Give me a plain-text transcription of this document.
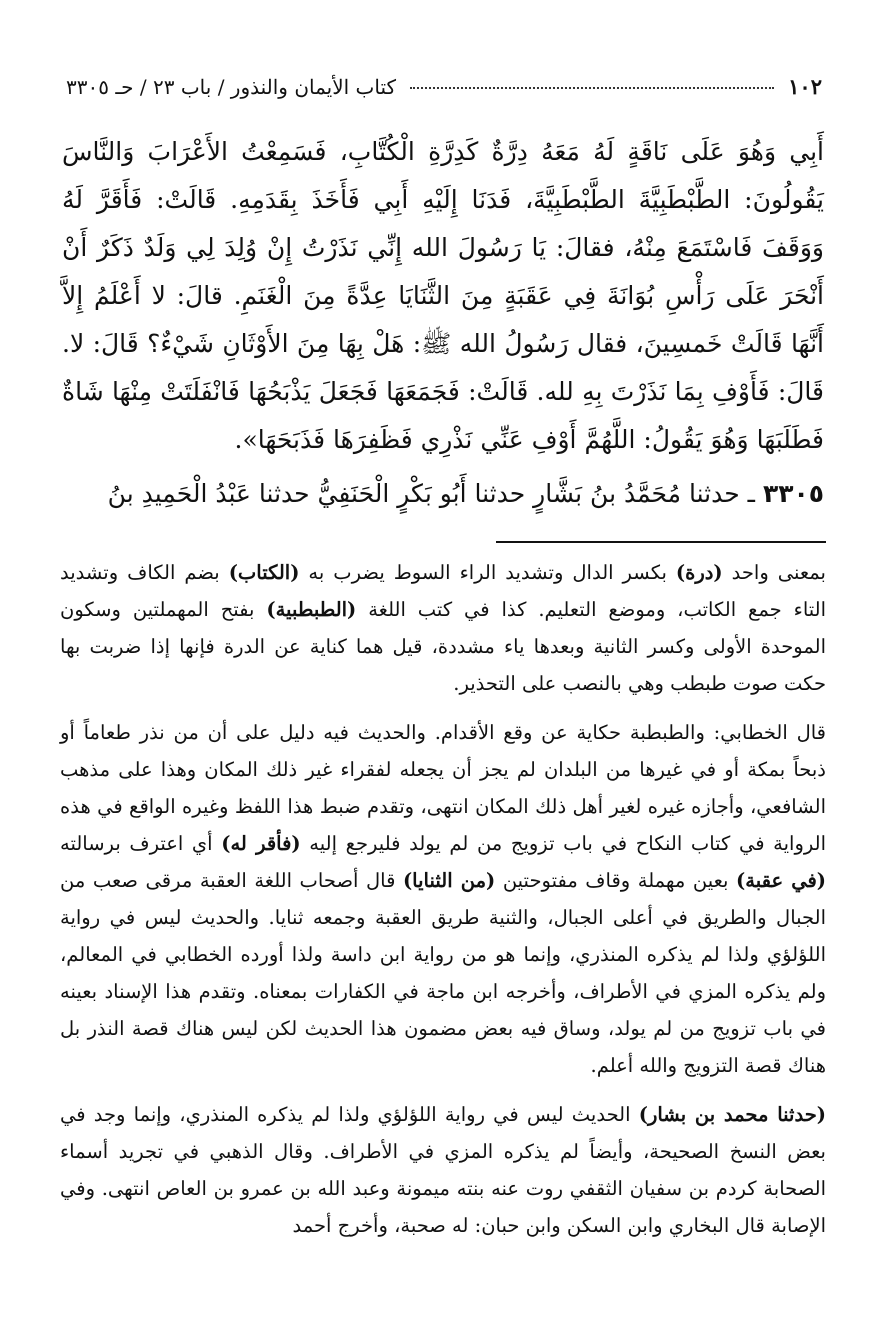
١٠٢
كتاب الأيمان والنذور / باب ٢٣ / حـ ٣٣٠٥

أَبِي وَهُوَ عَلَى نَاقَةٍ لَهُ مَعَهُ دِرَّةٌ كَدِرَّةِ الْكُتَّابِ، فَسَمِعْتُ الأَعْرَابَ وَالنَّاسَ يَقُولُونَ: الطَّبْطَبِيَّةَ الطَّبْطَبِيَّةَ، فَدَنَا إِلَيْهِ أَبِي فَأَخَذَ بِقَدَمِهِ. قَالَتْ: فَأَقَرَّ لَهُ وَوَقَفَ فَاسْتَمَعَ مِنْهُ، فقالَ: يَا رَسُولَ الله إِنِّي نَذَرْتُ إِنْ وُلِدَ لِي وَلَدٌ ذَكَرٌ أَنْ أَنْحَرَ عَلَى رَأْسِ بُوَانَةَ فِي عَقَبَةٍ مِنَ الثَّنَايَا عِدَّةً مِنَ الْغَنَمِ. قالَ: لا أَعْلَمُ إِلاَّ أَنَّهَا قَالَتْ خَمسِينَ، فقال رَسُولُ الله ﷺ: هَلْ بِهَا مِنَ الأَوْثَانِ شَيْءٌ؟ قَالَ: لا. قَالَ: فَأَوْفِ بِمَا نَذَرْتَ بِهِ لله. قَالَتْ: فَجَمَعَهَا فَجَعَلَ يَذْبَحُهَا فَانْفَلَتَتْ مِنْهَا شَاةٌ فَطَلَبَهَا وَهُوَ يَقُولُ: اللَّهُمَّ أَوْفِ عَنِّي نَذْرِي فَظَفِرَهَا فَذَبَحَهَا».

٣٣٠٥ ـ حدثنا مُحَمَّدُ بنُ بَشَّارٍ حدثنا أَبُو بَكْرٍ الْحَنَفِيُّ حدثنا عَبْدُ الْحَمِيدِ بنُ

بمعنى واحد (درة) بكسر الدال وتشديد الراء السوط يضرب به (الكتاب) بضم الكاف وتشديد التاء جمع الكاتب، وموضع التعليم. كذا في كتب اللغة (الطبطبية) بفتح المهملتين وسكون الموحدة الأولى وكسر الثانية وبعدها ياء مشددة، قيل هما كناية عن الدرة فإنها إذا ضربت بها حكت صوت طبطب وهي بالنصب على التحذير.

قال الخطابي: والطبطبة حكاية عن وقع الأقدام. والحديث فيه دليل على أن من نذر طعاماً أو ذبحاً بمكة أو في غيرها من البلدان لم يجز أن يجعله لفقراء غير ذلك المكان وهذا على مذهب الشافعي، وأجازه غيره لغير أهل ذلك المكان انتهى، وتقدم ضبط هذا اللفظ وغيره الواقع في هذه الرواية في كتاب النكاح في باب تزويج من لم يولد فليرجع إليه (فأقر له) أي اعترف برسالته (في عقبة) بعين مهملة وقاف مفتوحتين (من الثنايا) قال أصحاب اللغة العقبة مرقى صعب من الجبال والطريق في أعلى الجبال، والثنية طريق العقبة وجمعه ثنايا. والحديث ليس في رواية اللؤلؤي ولذا لم يذكره المنذري، وإنما هو من رواية ابن داسة ولذا أورده الخطابي في المعالم، ولم يذكره المزي في الأطراف، وأخرجه ابن ماجة في الكفارات بمعناه. وتقدم هذا الإسناد بعينه في باب تزويج من لم يولد، وساق فيه بعض مضمون هذا الحديث لكن ليس هناك قصة النذر بل هناك قصة التزويج والله أعلم.

(حدثنا محمد بن بشار) الحديث ليس في رواية اللؤلؤي ولذا لم يذكره المنذري، وإنما وجد في بعض النسخ الصحيحة، وأيضاً لم يذكره المزي في الأطراف. وقال الذهبي في تجريد أسماء الصحابة كردم بن سفيان الثقفي روت عنه بنته ميمونة وعبد الله بن عمرو بن العاص انتهى. وفي الإصابة قال البخاري وابن السكن وابن حبان: له صحبة، وأخرج أحمد
